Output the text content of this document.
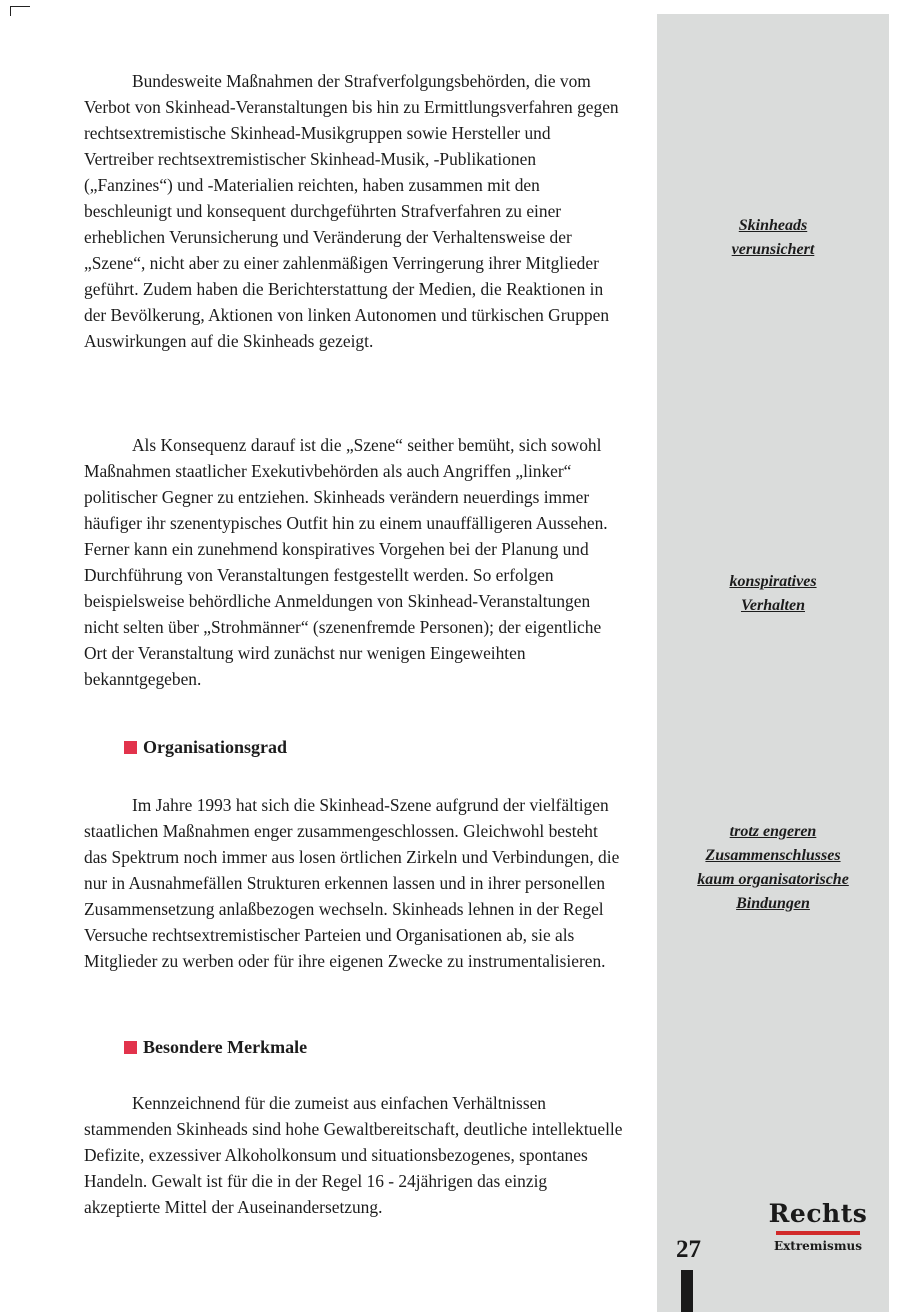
Bundesweite Maßnahmen der Strafverfolgungsbehörden, die vom Verbot von Skinhead-Veranstaltungen bis hin zu Ermittlungsverfahren gegen rechtsextremistische Skinhead-Musikgruppen sowie Hersteller und Vertreiber rechtsextremistischer Skinhead-Musik, -Publikationen („Fanzines“) und -Materialien reichten, haben zusammen mit den beschleunigt und konsequent durchgeführten Strafverfahren zu einer erheblichen Verunsicherung und Veränderung der Verhaltensweise der „Szene“, nicht aber zu einer zahlenmäßigen Verringerung ihrer Mitglieder geführt. Zudem haben die Berichterstattung der Medien, die Reaktionen in der Bevölkerung, Aktionen von linken Autonomen und türkischen Gruppen Auswirkungen auf die Skinheads gezeigt.

Als Konsequenz darauf ist die „Szene“ seither bemüht, sich sowohl Maßnahmen staatlicher Exekutivbehörden als auch Angriffen „linker“ politischer Gegner zu entziehen. Skinheads verändern neuerdings immer häufiger ihr szenentypisches Outfit hin zu einem unauffälligeren Aussehen. Ferner kann ein zunehmend konspiratives Vorgehen bei der Planung und Durchführung von Veranstaltungen festgestellt werden. So erfolgen beispielsweise behördliche Anmeldungen von Skinhead-Veranstaltungen nicht selten über „Strohmänner“ (szenenfremde Personen); der eigentliche Ort der Veranstaltung wird zunächst nur wenigen Eingeweihten bekanntgegeben.

Organisationsgrad

Im Jahre 1993 hat sich die Skinhead-Szene aufgrund der vielfältigen staatlichen Maßnahmen enger zusammengeschlossen. Gleichwohl besteht das Spektrum noch immer aus losen örtlichen Zirkeln und Verbindungen, die nur in Ausnahmefällen Strukturen erkennen lassen und in ihrer personellen Zusammensetzung anlaßbezogen wechseln. Skinheads lehnen in der Regel Versuche rechtsextremistischer Parteien und Organisationen ab, sie als Mitglieder zu werben oder für ihre eigenen Zwecke zu instrumentalisieren.

Besondere Merkmale

Kennzeichnend für die zumeist aus einfachen Verhältnissen stammenden Skinheads sind hohe Gewaltbereitschaft, deutliche intellektuelle Defizite, exzessiver Alkoholkonsum und situationsbezogenes, spontanes Handeln. Gewalt ist für die in der Regel 16 - 24jährigen das einzig akzeptierte Mittel der Auseinandersetzung.

Skinheads
verunsichert
konspiratives
Verhalten
trotz engeren
Zusammenschlusses
kaum organisatorische
Bindungen
27
Rechts
Extremismus
